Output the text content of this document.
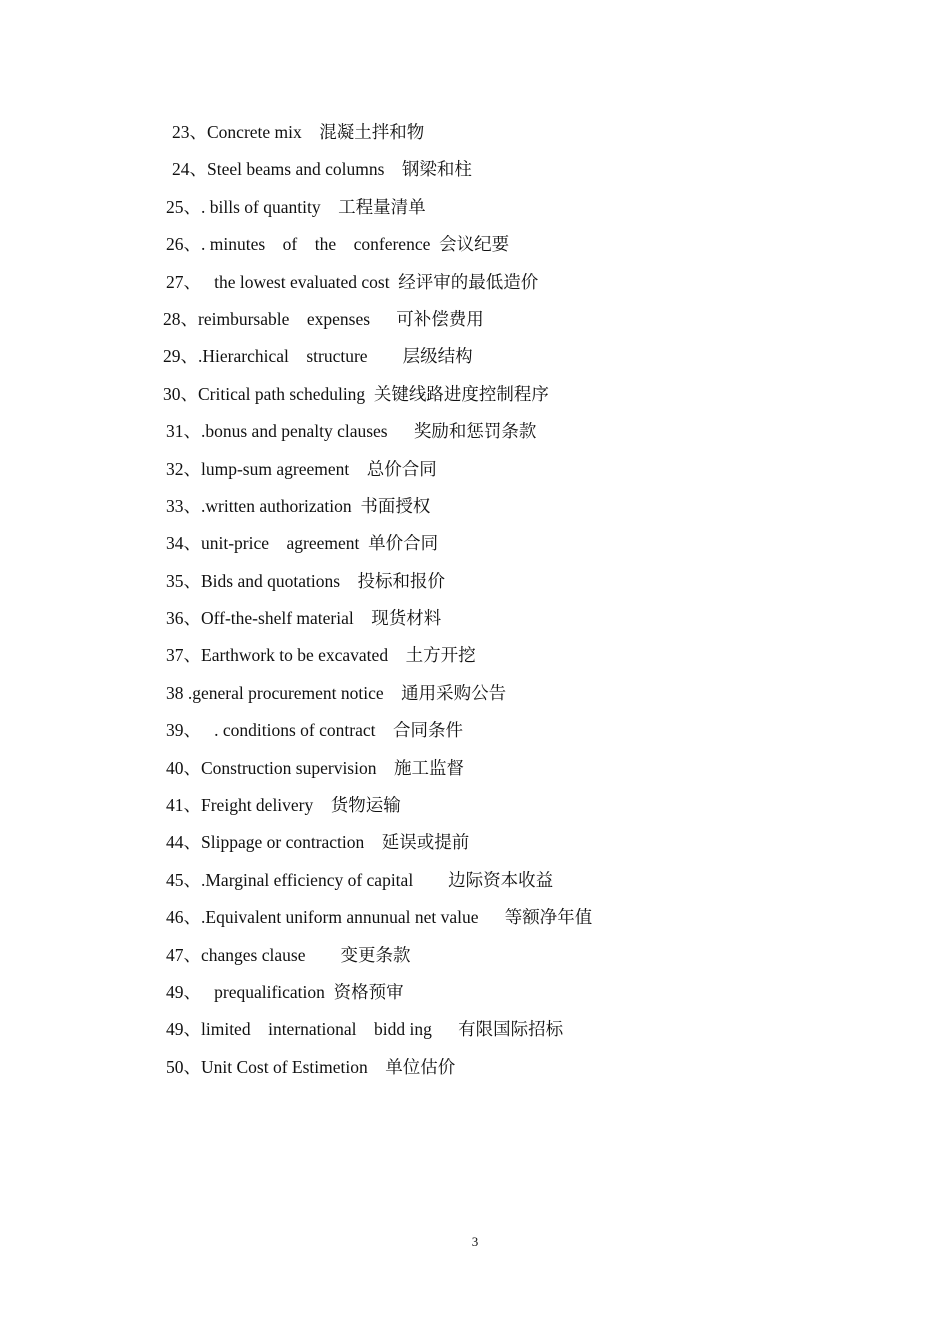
23、Concrete mix    混凝土拌和物
24、Steel beams and columns    钢梁和柱
25、. bills of quantity    工程量清单
26、. minutes    of    the    conference  会议纪要
27、   the lowest evaluated cost  经评审的最低造价
28、reimbursable    expenses      可补偿费用
29、.Hierarchical    structure        层级结构
30、Critical path scheduling  关键线路进度控制程序
31、.bonus and penalty clauses      奖励和惩罚条款
32、lump-sum agreement    总价合同
33、.written authorization  书面授权
34、unit-price    agreement  单价合同
35、Bids and quotations    投标和报价
36、Off-the-shelf material    现货材料
37、Earthwork to be excavated    土方开挖
38 .general procurement notice    通用采购公告
39、   . conditions of contract    合同条件
40、Construction supervision    施工监督
41、Freight delivery    货物运输
44、Slippage or contraction    延误或提前
45、.Marginal efficiency of capital        边际资本收益
46、.Equivalent uniform annunual net value      等额净年值
47、changes clause        变更条款
49、   prequalification  资格预审
49、limited    international    bidd ing      有限国际招标
50、Unit Cost of Estimetion    单位估价
3
